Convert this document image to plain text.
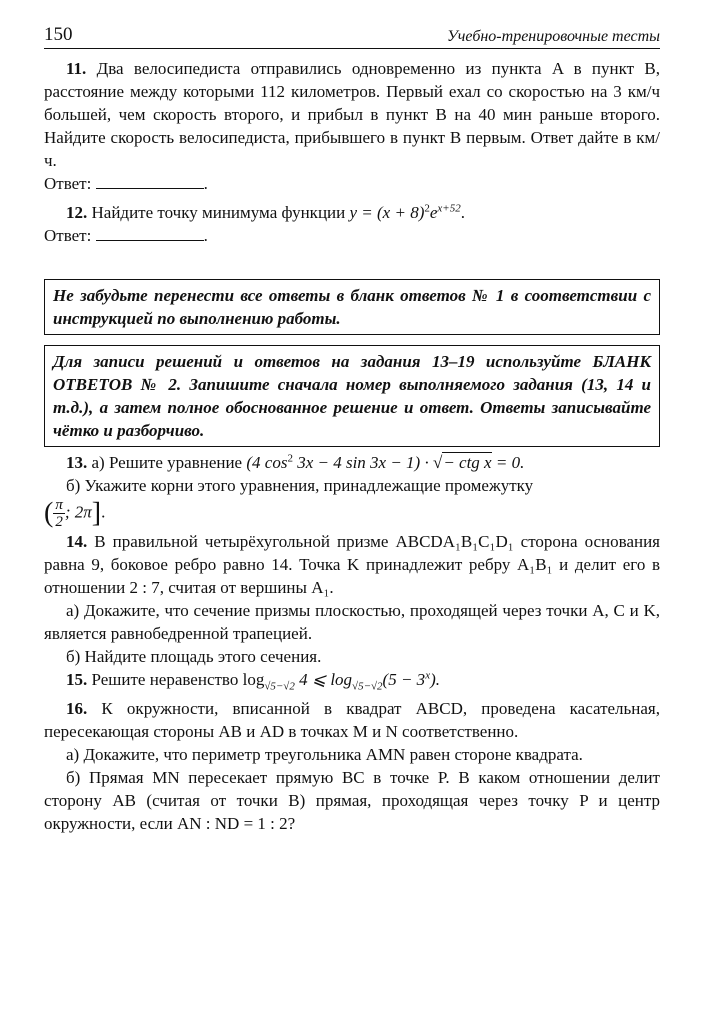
150	Учебно-тренировочные тесты

11. Два велосипедиста отправились одновременно из пункта A в пункт B, расстояние между которыми 112 километров. Первый ехал со скоростью на 3 км/ч большей, чем скорость второго, и прибыл в пункт B на 40 мин раньше второго. Найдите скорость велосипедиста, прибывшего в пункт B первым. Ответ дайте в км/ч.

Ответ:	.

12. Найдите точку минимума функции $y = (x + 8)^2e^{x+52}$.

Ответ:	.

Не забудьте перенести все ответы в бланк ответов № 1 в соответствии с инструкцией по выполнению работы.
Для записи решений и ответов на задания 13–19 используйте БЛАНК ОТВЕТОВ № 2. Запишите сначала номер выполняемого задания (13, 14 и т.д.), а затем полное обоснованное решение и ответ. Ответы записывайте чётко и разборчиво.

13. а) Решите уравнение (4 $\cos^2 3x - 4$ sin 3x − 1) · √− ctg x = 0.

б) Укажите корни этого уравнения, принадлежащие промежутку

( $\frac{\pi}{2}$ ; 2π].

14. В правильной четырёхугольной призме ABCDA₁B₁C₁D₁ сторона основания равна 9, боковое ребро равно 14. Точка K принадлежит ребру A₁B₁ и делит его в отношении 2 : 7, считая от вершины A₁.

а) Докажите, что сечение призмы плоскостью, проходящей через точки A, C и K, является равнобедренной трапецией.

б) Найдите площадь этого сечения.

15. Решите неравенство $\log_{√5-√2} 4$ ⩽ $\log_{√5-√2}(5 - 3^x)$.

16. К окружности, вписанной в квадрат ABCD, проведена касательная, пересекающая стороны AB и AD в точках M и N соответственно.

а) Докажите, что периметр треугольника AMN равен стороне квадрата.

б) Прямая MN пересекает прямую BC в точке P. В каком отношении делит сторону AB (считая от точки B) прямая, проходящая через точку P и центр окружности, если AN : ND = 1 : 2?
